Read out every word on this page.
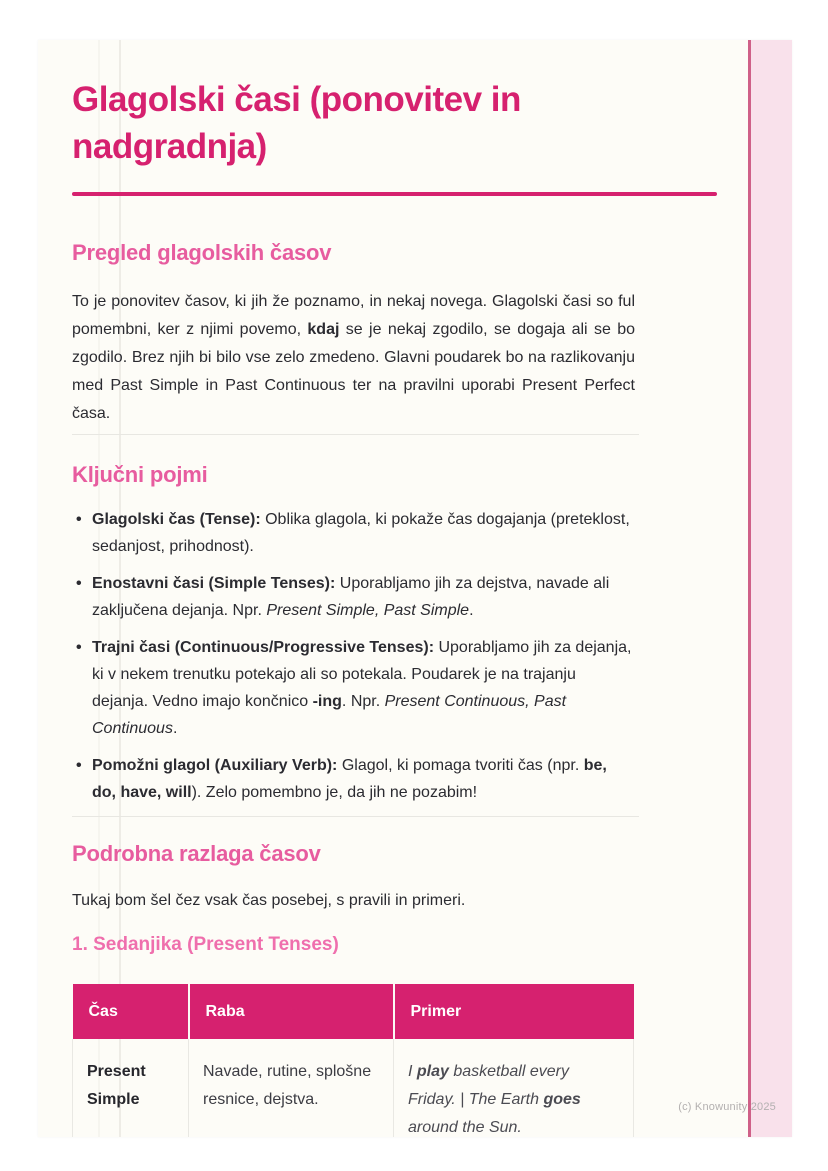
Glagolski časi (ponovitev in nadgradnja)
Pregled glagolskih časov

To je ponovitev časov, ki jih že poznamo, in nekaj novega. Glagolski časi so ful pomembni, ker z njimi povemo, kdaj se je nekaj zgodilo, se dogaja ali se bo zgodilo. Brez njih bi bilo vse zelo zmedeno. Glavni poudarek bo na razlikovanju med Past Simple in Past Continuous ter na pravilni uporabi Present Perfect časa.

Ključni pojmi
• Glagolski čas (Tense): Oblika glagola, ki pokaže čas dogajanja (preteklost, sedanjost, prihodnost).
• Enostavni časi (Simple Tenses): Uporabljamo jih za dejstva, navade ali zaključena dejanja. Npr. Present Simple, Past Simple.
• Trajni časi (Continuous/Progressive Tenses): Uporabljamo jih za dejanja, ki v nekem trenutku potekajo ali so potekala. Poudarek je na trajanju dejanja. Vedno imajo končnico -ing. Npr. Present Continuous, Past Continuous.
• Pomožni glagol (Auxiliary Verb): Glagol, ki pomaga tvoriti čas (npr. be, do, have, will). Zelo pomembno je, da jih ne pozabim!
Podrobna razlaga časov

Tukaj bom šel čez vsak čas posebej, s pravili in primeri.

1. Sedanjika (Present Tenses)
Čas	Raba	Primer
Present Simple	Navade, rutine, splošne resnice, dejstva.	I play basketball every Friday. | The Earth goes around the Sun.
(c) Knowunity 2025
